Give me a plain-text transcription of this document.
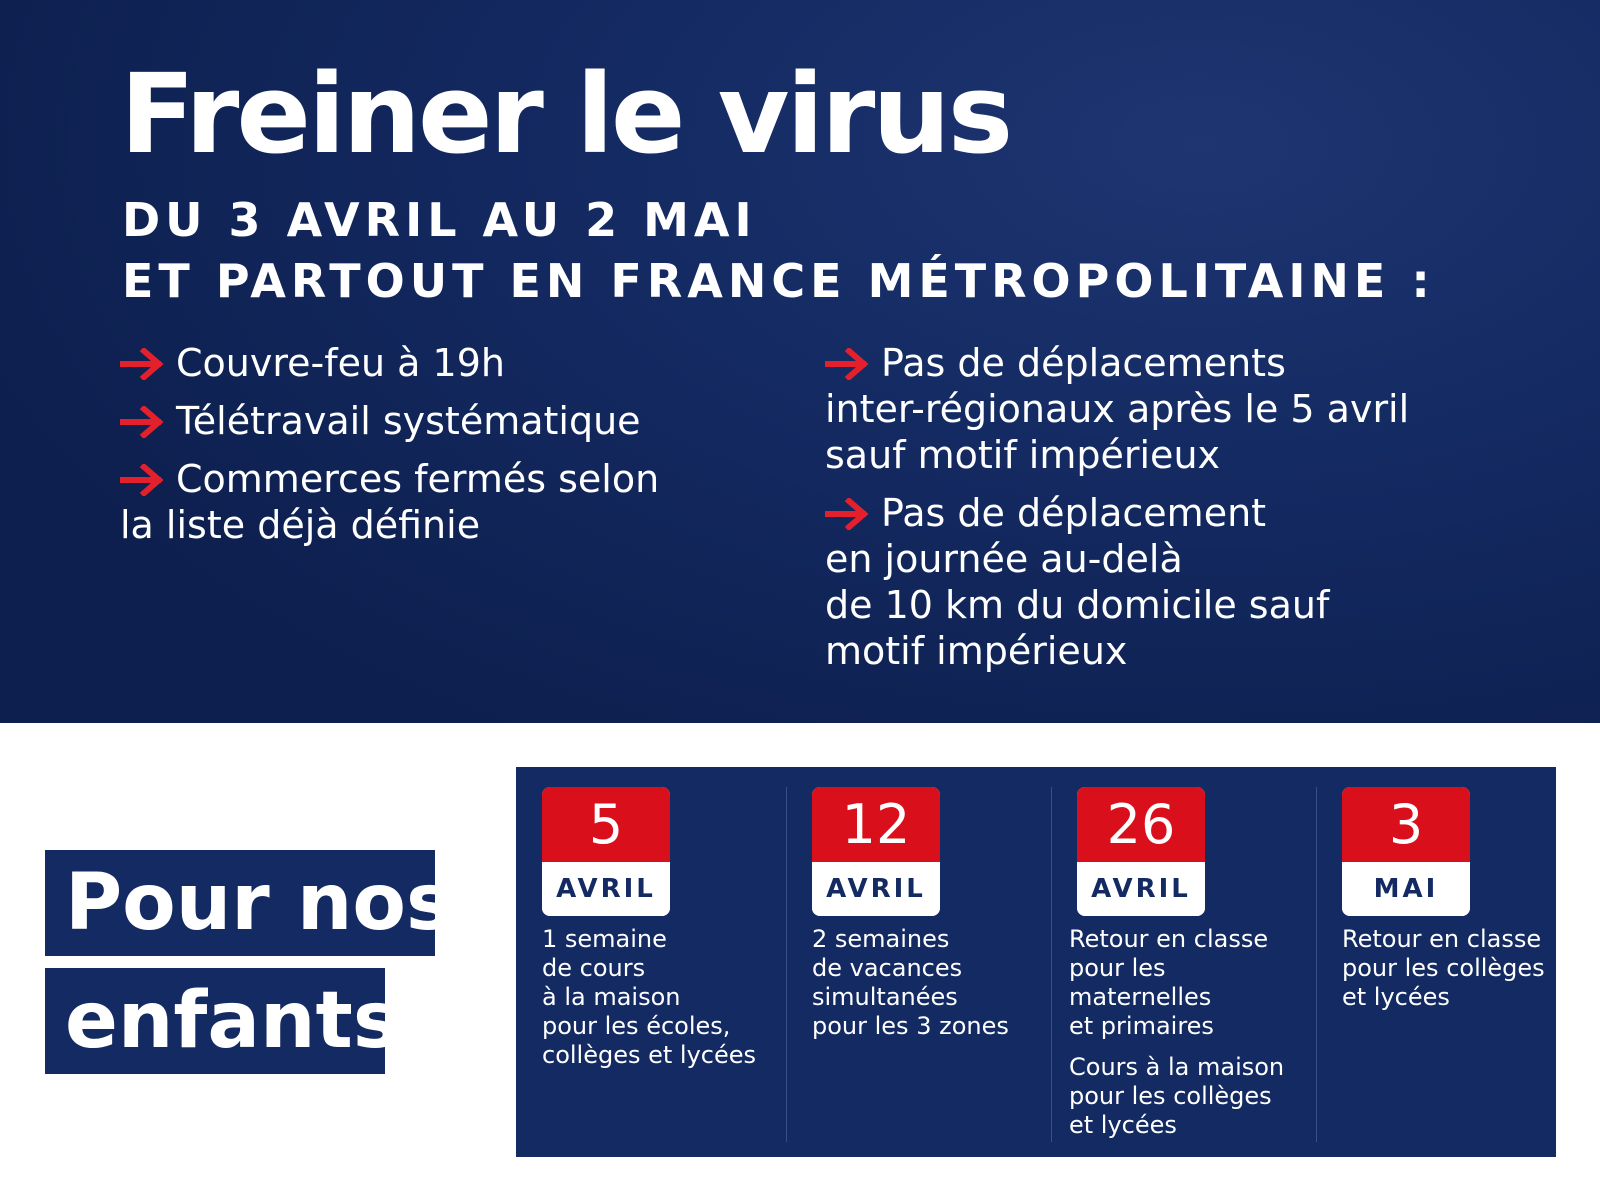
Freiner le virus
DU 3 AVRIL AU 2 MAI
ET PARTOUT EN FRANCE MÉTROPOLITAINE :
Couvre-feu à 19h
Télétravail systématique
Commerces fermés selon
la liste déjà définie
Pas de déplacements
inter-régionaux après le 5 avril
sauf motif impérieux
Pas de déplacement
en journée au-delà
de 10 km du domicile sauf
motif impérieux
Pour nos
enfants
5
AVRIL

1 semaine
de cours
à la maison
pour les écoles,
collèges et lycées

12
AVRIL

2 semaines
de vacances
simultanées
pour les 3 zones

26
AVRIL

Retour en classe
pour les
maternelles
et primaires

Cours à la maison
pour les collèges
et lycées

3
MAI

Retour en classe
pour les collèges
et lycées
